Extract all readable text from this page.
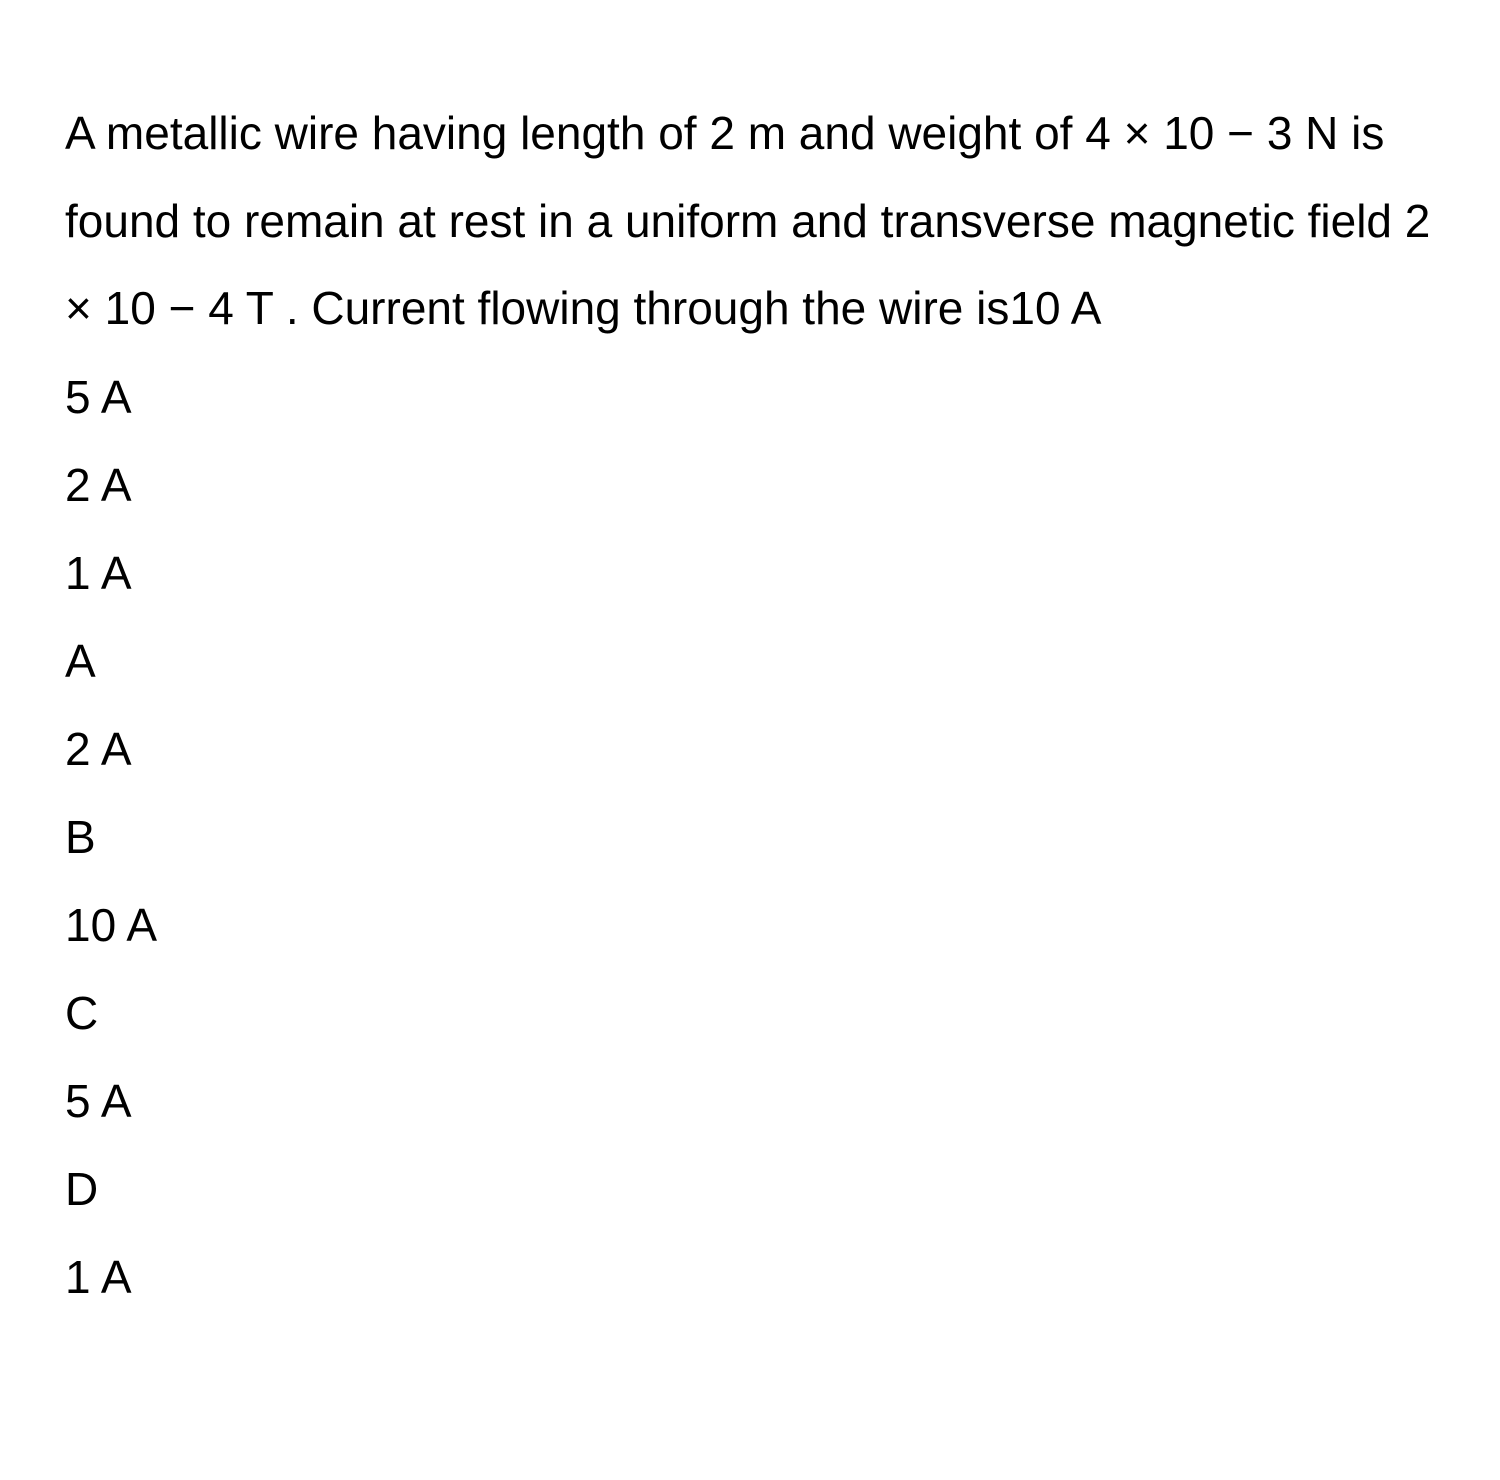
A metallic wire having length of 2 m and weight of 4 × 10 − 3 N is found to remain at rest in a uniform and transverse magnetic field 2 × 10 − 4 T . Current flowing through the wire is10 A

5 A
2 A
1 A
A
2 A
B
10 A
C
5 A
D
1 A
